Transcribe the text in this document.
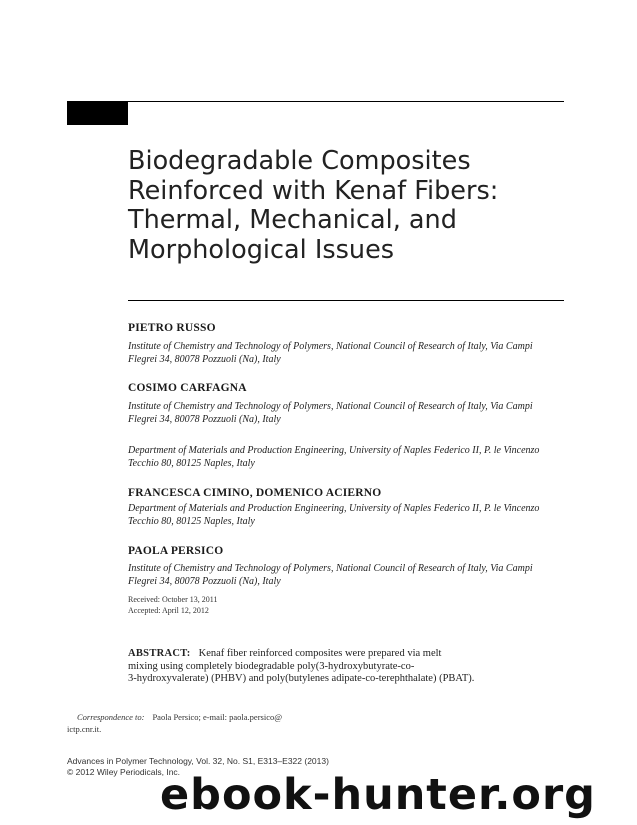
Biodegradable Composites
Reinforced with Kenaf Fibers:
Thermal, Mechanical, and
Morphological Issues
PIETRO RUSSO
Institute of Chemistry and Technology of Polymers, National Council of Research of Italy, Via Campi
Flegrei 34, 80078 Pozzuoli (Na), Italy
COSIMO CARFAGNA
Institute of Chemistry and Technology of Polymers, National Council of Research of Italy, Via Campi
Flegrei 34, 80078 Pozzuoli (Na), Italy
Department of Materials and Production Engineering, University of Naples Federico II, P. le Vincenzo
Tecchio 80, 80125 Naples, Italy
FRANCESCA CIMINO, DOMENICO ACIERNO
Department of Materials and Production Engineering, University of Naples Federico II, P. le Vincenzo
Tecchio 80, 80125 Naples, Italy
PAOLA PERSICO
Institute of Chemistry and Technology of Polymers, National Council of Research of Italy, Via Campi
Flegrei 34, 80078 Pozzuoli (Na), Italy
Received: October 13, 2011
Accepted: April 12, 2012
ABSTRACT: Kenaf fiber reinforced composites were prepared via melt
mixing using completely biodegradable poly(3-hydroxybutyrate-co-
3-hydroxyvalerate) (PHBV) and poly(butylenes adipate-co-terephthalate) (PBAT).
Correspondence to: Paola Persico; e-mail: paola.persico@
ictp.cnr.it.
Advances in Polymer Technology, Vol. 32, No. S1, E313–E322 (2013)
© 2012 Wiley Periodicals, Inc.
ebook-hunter.org
